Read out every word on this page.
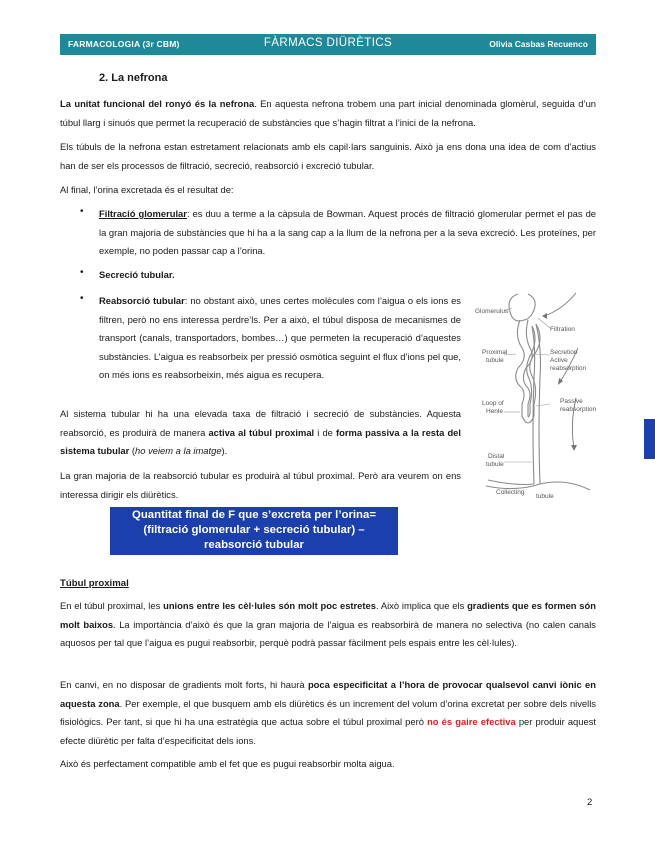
FARMACOLOGIA (3r CBM)	FÀRMACS DIÜRÈTICS	Olivia Casbas Recuenco
2. La nefrona
La unitat funcional del ronyó és la nefrona. En aquesta nefrona trobem una part inicial denominada glomèrul, seguida d’un túbul llarg i sinuós que permet la recuperació de substàncies que s’hagin filtrat a l’inici de la nefrona.
Els túbuls de la nefrona estan estretament relacionats amb els capil·lars sanguinis. Això ja ens dona una idea de com d’actius han de ser els processos de filtració, secreció, reabsorció i excreció tubular.
Al final, l’orina excretada és el resultat de:
• Filtració glomerular: es duu a terme a la càpsula de Bowman. Aquest procés de filtració glomerular permet el pas de la gran majoria de substàncies que hi ha a la sang cap a la llum de la nefrona per a la seva excreció. Les proteïnes, per exemple, no poden passar cap a l’orina.
• Secreció tubular.
• Reabsorció tubular: no obstant això, unes certes molècules com l’aigua o els ions es filtren, però no ens interessa perdre’ls. Per a això, el túbul disposa de mecanismes de transport (canals, transportadors, bombes…) que permeten la recuperació d’aquestes substàncies. L’aigua es reabsorbeix per pressió osmòtica seguint el flux d’ions pel que, on més ions es reabsorbeixin, més aigua es recupera.
Al sistema tubular hi ha una elevada taxa de filtració i secreció de substàncies. Aquesta reabsorció, es produirà de manera activa al túbul proximal i de forma passiva a la resta del sistema tubular (ho veiem a la imatge).
La gran majoria de la reabsorció tubular es produirà al túbul proximal. Però ara veurem on ens interessa dirigir els diürètics.
Quantitat final de F que s’excreta per l’orina=
(filtració glomerular + secreció tubular) –
reabsorció tubular
Glomerulus
Proximal
tubule
Loop of
Henle
Distal
tubule
Collecting
tubule
Filtration
Secretion
Active
reabsorption
Passive
reabsorption
Túbul proximal
En el túbul proximal, les unions entre les cèl·lules són molt poc estretes. Això implica que els gradients que es formen són molt baixos. La importància d’això és que la gran majoria de l’aigua es reabsorbirà de manera no selectiva (no calen canals aquosos per tal que l’aigua es pugui reabsorbir, perquè podrà passar fàcilment pels espais entre les cèl·lules).
En canvi, en no disposar de gradients molt forts, hi haurà poca especificitat a l’hora de provocar qualsevol canvi iònic en aquesta zona. Per exemple, el que busquem amb els diürètics és un increment del volum d’orina excretat per sobre dels nivells fisiològics. Per tant, si que hi ha una estratègia que actua sobre el túbul proximal però no és gaire efectiva per produir aquest efecte diürètic per falta d’especificitat dels ions.
Això és perfectament compatible amb el fet que es pugui reabsorbir molta aigua.
2
